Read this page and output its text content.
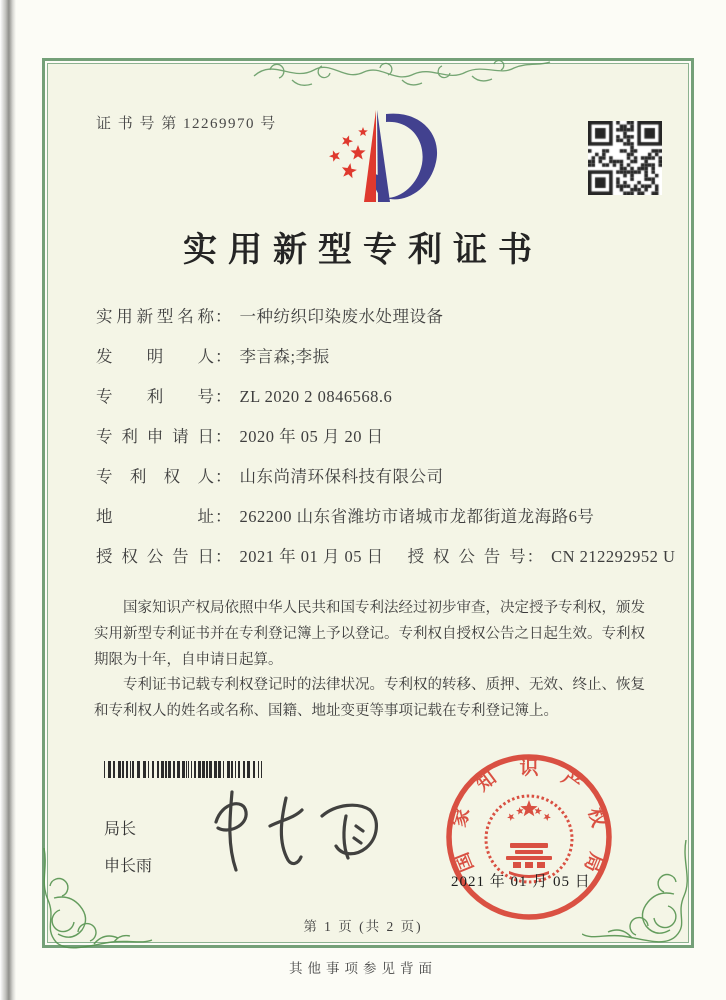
证 书 号 第 12269970 号
实用新型专利证书
实用新型名称 ： 一种纺织印染废水处理设备
发明人 ： 李言森;李振
专利号 ： ZL 2020 2 0846568.6
专利申请日 ： 2020 年 05 月 20 日
专利权人 ： 山东尚清环保科技有限公司
地址 ： 262200 山东省潍坊市诸城市龙都街道龙海路6号
授权公告日 ： 2021 年 01 月 05 日 授权公告号 ： CN 212292952 U

国家知识产权局依照中华人民共和国专利法经过初步审查，决定授予专利权，颁发实用新型专利证书并在专利登记簿上予以登记。专利权自授权公告之日起生效。专利权期限为十年，自申请日起算。

专利证书记载专利权登记时的法律状况。专利权的转移、质押、无效、终止、恢复和专利权人的姓名或名称、国籍、地址变更等事项记载在专利登记簿上。

局长
申长雨	国
家
知 识 产
权
局
2021 年 01 月 05 日
第 1 页 (共 2 页)
其他事项参见背面
